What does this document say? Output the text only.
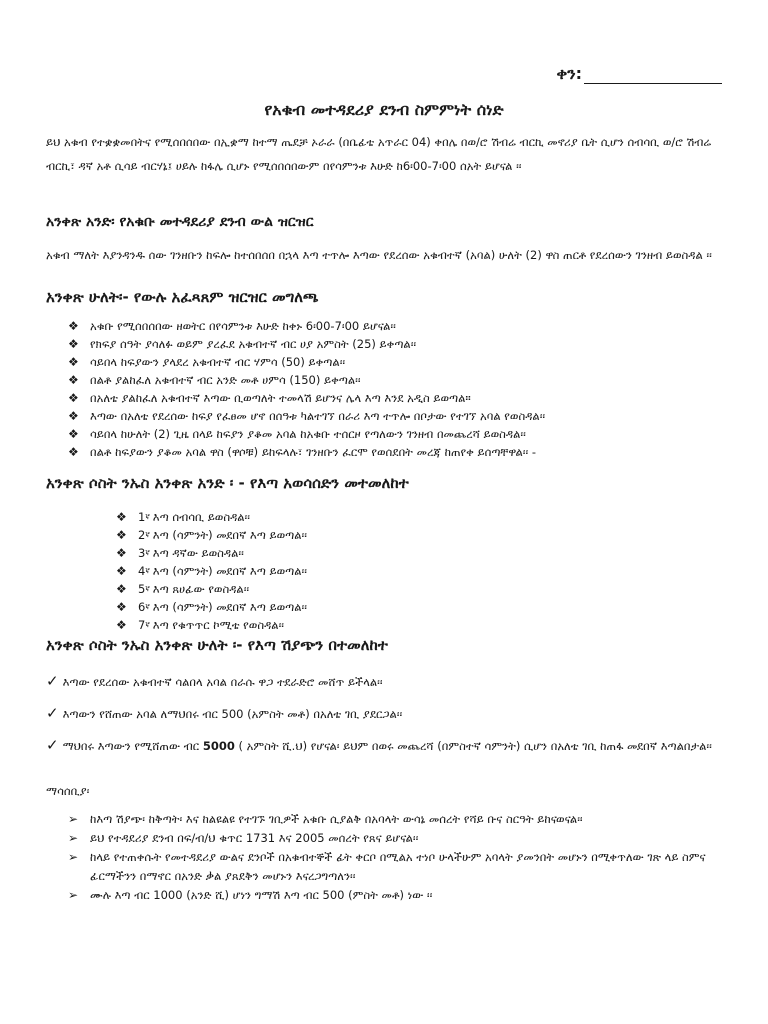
ቀን:
የአቁብ መተዳደሪያ ደንብ ስምምነት ሰነድ
ይህ አቁብ የተቋቋመበትና የሚሰበሰበው በኢቋማ ከተማ ጤደቻ ኦራራ (በቤፊቴ አጥራር 04) ቀበሌ በወ/ሮ ሽብሬ ብርኪ መኖሪያ ቤት ሲሆን ሰብሳቢ ወ/ሮ ሽብሬ ብርኪ፣ ዳኛ አቶ ሲሳይ ብርሃኔ፤ ሀይሉ ከፋሌ ሲሆኑ የሚሰበሰበውም በየሳምንቱ እሁድ ከ6፡00-7፡00 ሰአት ይሆናል ፡፡
አንቀጽ አንድ፡ የአቁቡ መተዳደሪያ ደንብ ውል ዝርዝር
አቁብ ማለት እያንዳንዱ ሰው ገንዘቡን ከፍሎ ከተሰበሰበ በኋላ እጣ ተጥሎ እጣው የደረሰው አቁብተኛ (አባል) ሁለት (2) ዋስ ጠርቶ የደረሰውን ገንዘብ ይወስዳል ፡፡
አንቀጽ ሁለት፡- የውሉ አፈጻጸም ዝርዝር መግለጫ
❖ አቁቡ የሚሰበሰበው ዘወትር በየሳምንቱ እሁድ ከቀኑ 6፡00-7፡00 ይሆናል፡፡
❖ የክፍያ ሰዓት ያሳለፉ ወይም ያረፈደ አቁብተኛ ብር ሀያ አምስት (25) ይቀጣል፡፡
❖ ሳይበላ ከፍያውን ያላደረ አቁብተኛ ብር ሃምሳ (50) ይቀጣል፡፡
❖ በልቶ ያልከፈለ አቁብተኛ ብር አንድ መቶ ሀምሳ (150) ይቀጣል፡፡
❖ በአለቴ ያልከፈለ አቁብተኛ እጣው ቢወጣለት ተመላሽ ይሆንና ሌላ እጣ እንደ አዲስ ይወጣል።
❖ እጣው በአለቴ የደረሰው ከፍያ የፈፀመ ሆኖ በሰዓቱ ካልተገኘ በራሪ እጣ ተጥሎ በቦታው የተገኘ አባል የወስዳል፡፡
❖ ሳይበላ ከሁለት (2) ጊዜ በላይ ከፍያን ያቆመ አባል ከአቁቡ ተሰርዞ የጣለውን ገንዘብ በመጨረሻ ይወስዳል፡፡
❖ በልቶ ከፍያውን ያቆመ አባል ዋስ (ዋሶቹ) ይከፍላሉ፣ ገንዘቡን ፈርሞ የወሰደበት መረጃ ከጠየቀ ይሰጣቸዋል፡፡ -
አንቀጽ ሶስት ንኡስ አንቀጽ አንድ ፡ - የእጣ አወሳሰድን መተመለከተ
❖ 1 ኛ እጣ ሰብሳቢ ይወስዳል፡፡
❖ 2 ኛ እጣ (ሳምንት) መደበኛ እጣ ይወጣል፡፡
❖ 3 ኛ እጣ ዳኛው ይወስዳል፡፡
❖ 4 ኛ እጣ (ሳምንት) መደበኛ እጣ ይወጣል፡፡
❖ 5 ኛ እጣ ጸሀፊው የወስዳል፡፡
❖ 6 ኛ እጣ (ሳምንት) መደበኛ እጣ ይወጣል፡፡
❖ 7 ኛ እጣ የቁጥጥር ኮሚቴ የወስዳል፡፡
አንቀጽ ሶስት ንኡስ አንቀጽ ሁለት ፡- የእጣ ሽያጭን በተመለከተ
✓ እጣው የደረሰው አቁብተኛ ሳልበላ አባል በራሱ ዋጋ ተደራድሮ መሸጥ ይችላል፡፡
✓ እጣውን የሸጠው አባል ለማህበሩ ብር 500 (አምስት መቶ) በአለቴ ገቢ ያደርጋል፡፡
✓ ማህበሩ እጣውን የሚሸጠው ብር 5000 ( አምስት ሺ.ህ) የሆናል፡ ይህም በወሩ መጨረሻ (በምስተኛ ሳምንት) ሲሆን በአለቴ ገቢ ከጠፋ መደበኛ እጣልበታል፡፡
ማሳሰቢያ፡
➢	ከእጣ ሽያጭ፡ ከቅጣት፡ እና ከልዩልዩ የተገኙ ገቢዎች አቁቡ ሲያልቅ በአባላት ውሳኔ መሰረት የሻይ ቡና ስርዓት ይከናወናል፡፡
➢	ይህ የተዳደሪያ ደንብ በፍ/ብ/ህ ቁጥር 1731 እና 2005 መሰረት የጸና ይሆናል፡፡
➢	ከላይ የተጠቀሱት የመተዳደሪያ ውልና ደንቦች በአቁብተኞች ፊት ቀርቦ በሚልአ ተነቦ ሁላችሁም አባላት ያመንበት መሆኑን በሚቀጥለው ገጽ ላይ ስምና ፊርማችንን በማኖር በአንድ ቃል ያጸደቅን መሆኑን እናረጋግጣለን፡፡
➢	ሙሉ እጣ ብር 1000 (አንድ ሺ) ሆነን ግማሽ እጣ ብር 500 (ምስት መቶ) ነው ፡፡
